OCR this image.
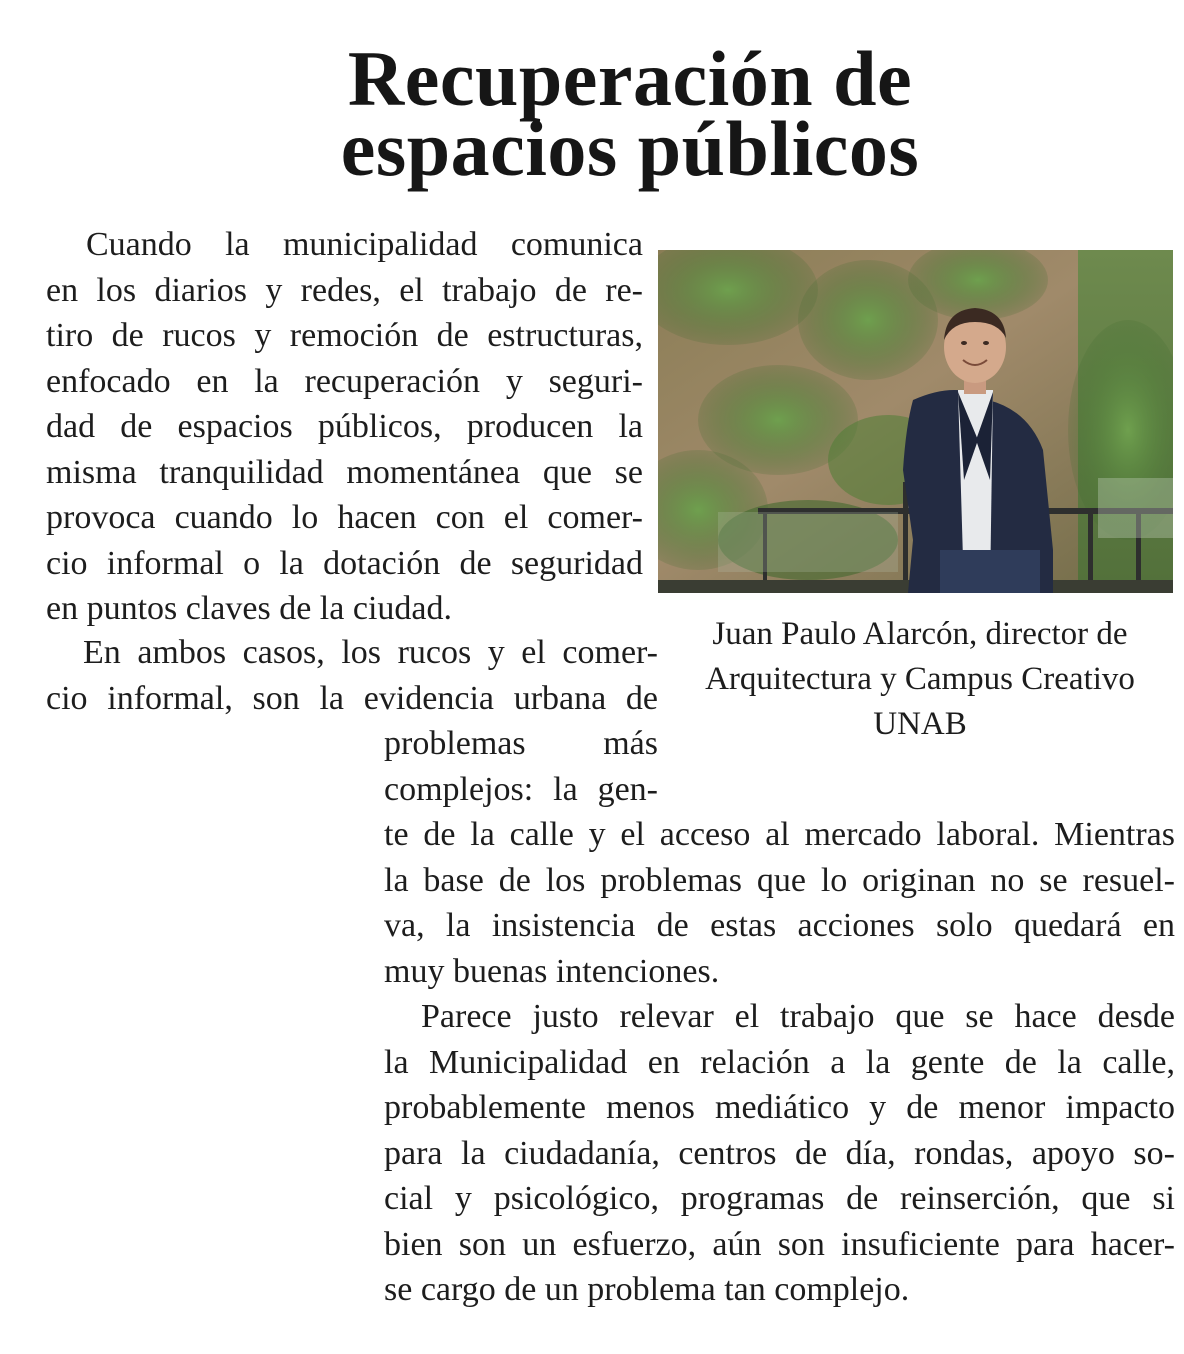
Recuperación de
espacios públicos
Cuando la municipalidad comunica
en los diarios y redes, el trabajo de re-
tiro de rucos y remoción de estructuras,
enfocado en la recuperación y seguri-
dad de espacios públicos, producen la
misma tranquilidad momentánea que se
provoca cuando lo hacen con el comer-
cio informal o la dotación de seguridad
en puntos claves de la ciudad.
En ambos casos, los rucos y el comer-
cio informal, son la evidencia urbana de
problemas más
complejos: la gen-
te de la calle y el acceso al mercado laboral. Mientras
la base de los problemas que lo originan no se resuel-
va, la insistencia de estas acciones solo quedará en
muy buenas intenciones.
Parece justo relevar el trabajo que se hace desde
la Municipalidad en relación a la gente de la calle,
probablemente menos mediático y de menor impacto
para la ciudadanía, centros de día, rondas, apoyo so-
cial y psicológico, programas de reinserción, que si
bien son un esfuerzo, aún son insuficiente para hacer-
se cargo de un problema tan complejo.
Juan Paulo Alarcón, director de
Arquitectura y Campus Creativo
UNAB
